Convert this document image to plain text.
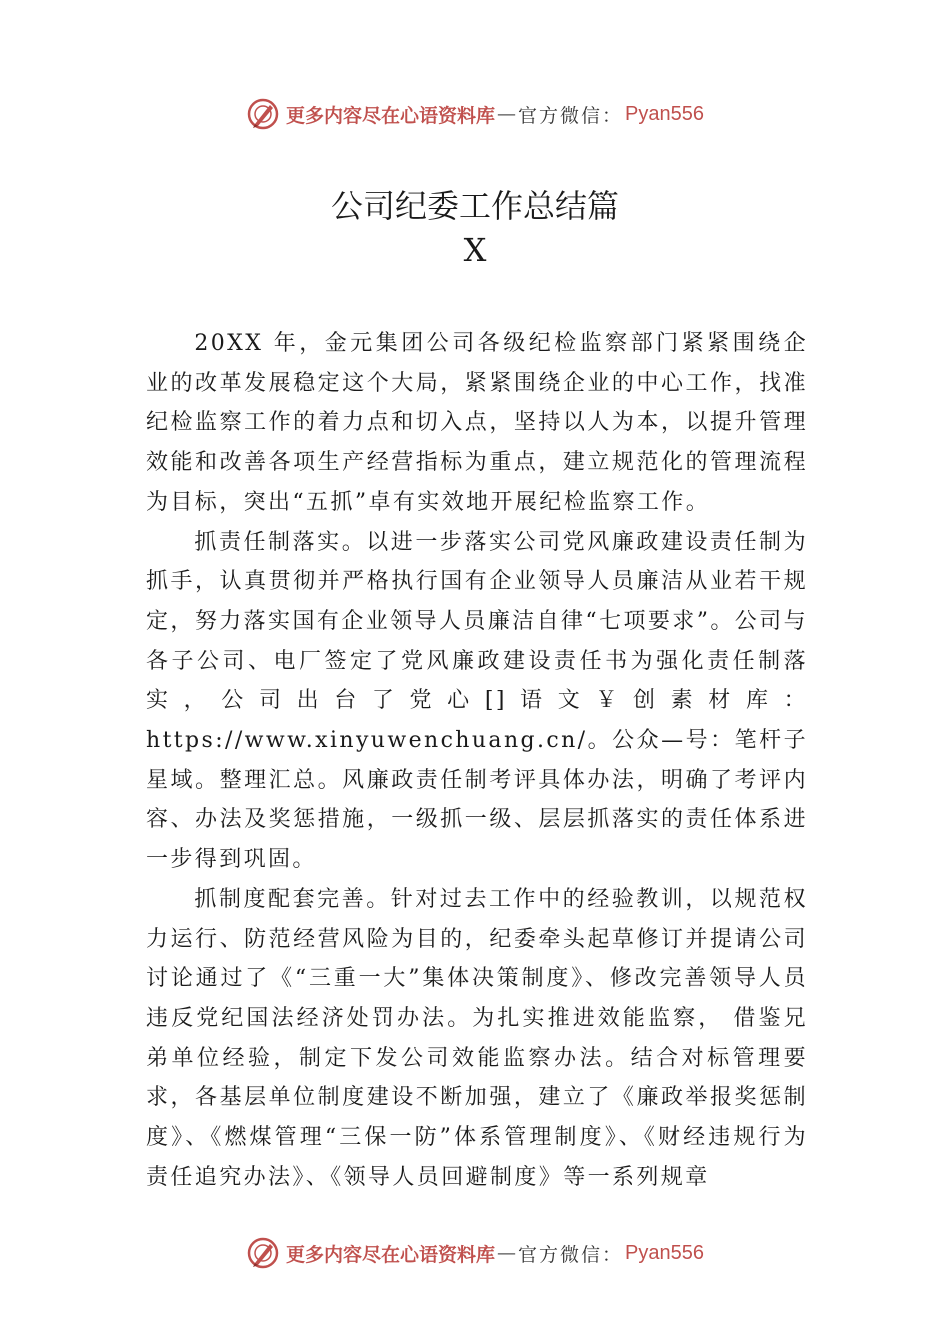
更多内容尽在心语资料库 — 官方微信： Pyan556
公司纪委工作总结篇
X

20XX 年，金元集团公司各级纪检监察部门紧紧围绕企业的改革发展稳定这个大局，紧紧围绕企业的中心工作，找准纪检监察工作的着力点和切入点，坚持以人为本，以提升管理效能和改善各项生产经营指标为重点，建立规范化的管理流程为目标，突出“五抓”卓有实效地开展纪检监察工作。

抓责任制落实。以进一步落实公司党风廉政建设责任制为抓手，认真贯彻并严格执行国有企业领导人员廉洁从业若干规定，努力落实国有企业领导人员廉洁自律“七项要求”。公司与各子公司、电厂签定了党风廉政建设责任书为强化责任制落实，公司出台了党心[]语文￥创素材库：https://www.xinyuwenchuang.cn/。公众—号：笔杆子星域。整理汇总。风廉政责任制考评具体办法，明确了考评内容、办法及奖惩措施，一级抓一级、层层抓落实的责任体系进一步得到巩固。

抓制度配套完善。针对过去工作中的经验教训，以规范权力运行、防范经营风险为目的，纪委牵头起草修订并提请公司讨论通过了《“三重一大”集体决策制度》、修改完善领导人员违反党纪国法经济处罚办法。为扎实推进效能监察， 借鉴兄弟单位经验，制定下发公司效能监察办法。结合对标管理要求，各基层单位制度建设不断加强，建立了《廉政举报奖惩制度》、《燃煤管理“三保一防”体系管理制度》、《财经违规行为责任追究办法》、《领导人员回避制度》等一系列规章

更多内容尽在心语资料库 — 官方微信： Pyan556
